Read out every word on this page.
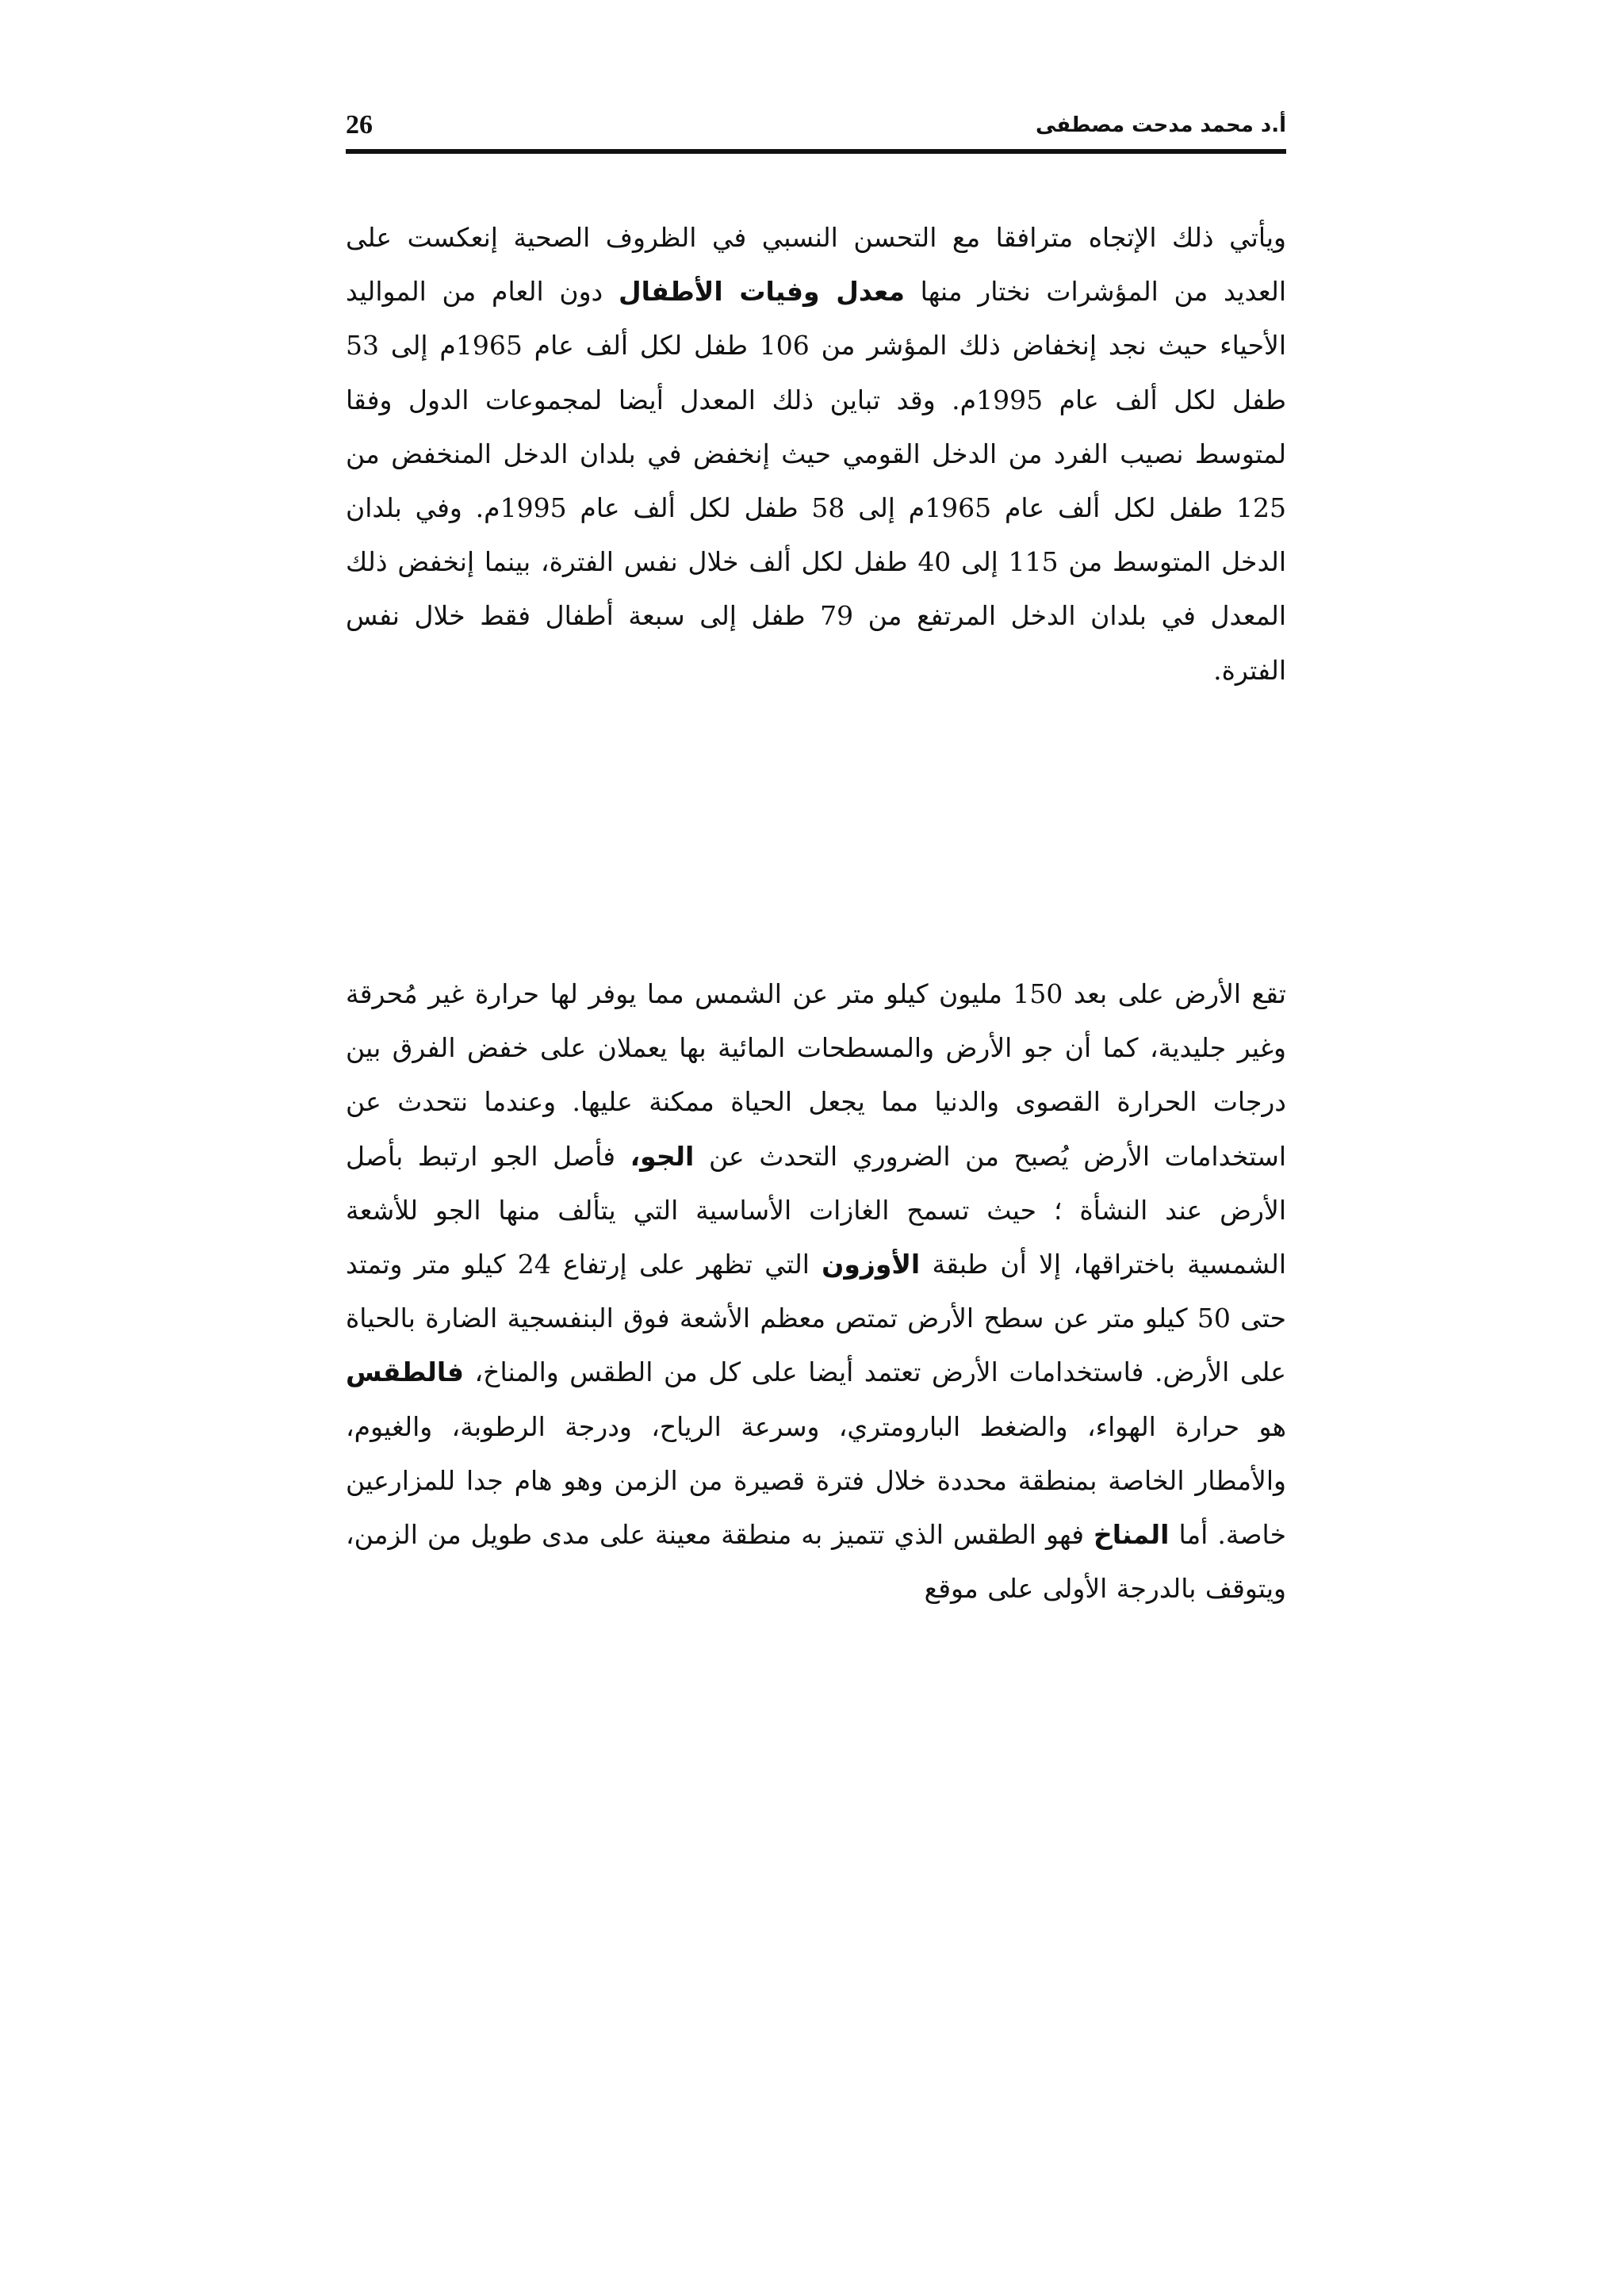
26	أ.د محمد مدحت مصطفى

ويأتي ذلك الإتجاه مترافقا مع التحسن النسبي في الظروف الصحية إنعكست على العديد من المؤشرات نختار منها معدل وفيات الأطفال دون العام من المواليد الأحياء حيث نجد إنخفاض ذلك المؤشر من 106 طفل لكل ألف عام 1965م إلى 53 طفل لكل ألف عام 1995م. وقد تباين ذلك المعدل أيضا لمجموعات الدول وفقا لمتوسط نصيب الفرد من الدخل القومي حيث إنخفض في بلدان الدخل المنخفض من 125 طفل لكل ألف عام 1965م إلى 58 طفل لكل ألف عام 1995م. وفي بلدان الدخل المتوسط من 115 إلى 40 طفل لكل ألف خلال نفس الفترة، بينما إنخفض ذلك المعدل في بلدان الدخل المرتفع من 79 طفل إلى سبعة أطفال فقط خلال نفس الفترة.

تقع الأرض على بعد 150 مليون كيلو متر عن الشمس مما يوفر لها حرارة غير مُحرقة وغير جليدية، كما أن جو الأرض والمسطحات المائية بها يعملان على خفض الفرق بين درجات الحرارة القصوى والدنيا مما يجعل الحياة ممكنة عليها. وعندما نتحدث عن استخدامات الأرض يُصبح من الضروري التحدث عن الجو، فأصل الجو ارتبط بأصل الأرض عند النشأة ؛ حيث تسمح الغازات الأساسية التي يتألف منها الجو للأشعة الشمسية باختراقها، إلا أن طبقة الأوزون التي تظهر على إرتفاع 24 كيلو متر وتمتد حتى 50 كيلو متر عن سطح الأرض تمتص معظم الأشعة فوق البنفسجية الضارة بالحياة على الأرض. فاستخدامات الأرض تعتمد أيضا على كل من الطقس والمناخ، فالطقس هو حرارة الهواء، والضغط البارومتري، وسرعة الرياح، ودرجة الرطوبة، والغيوم، والأمطار الخاصة بمنطقة محددة خلال فترة قصيرة من الزمن وهو هام جدا للمزارعين خاصة. أما المناخ فهو الطقس الذي تتميز به منطقة معينة على مدى طويل من الزمن، ويتوقف بالدرجة الأولى على موقع
